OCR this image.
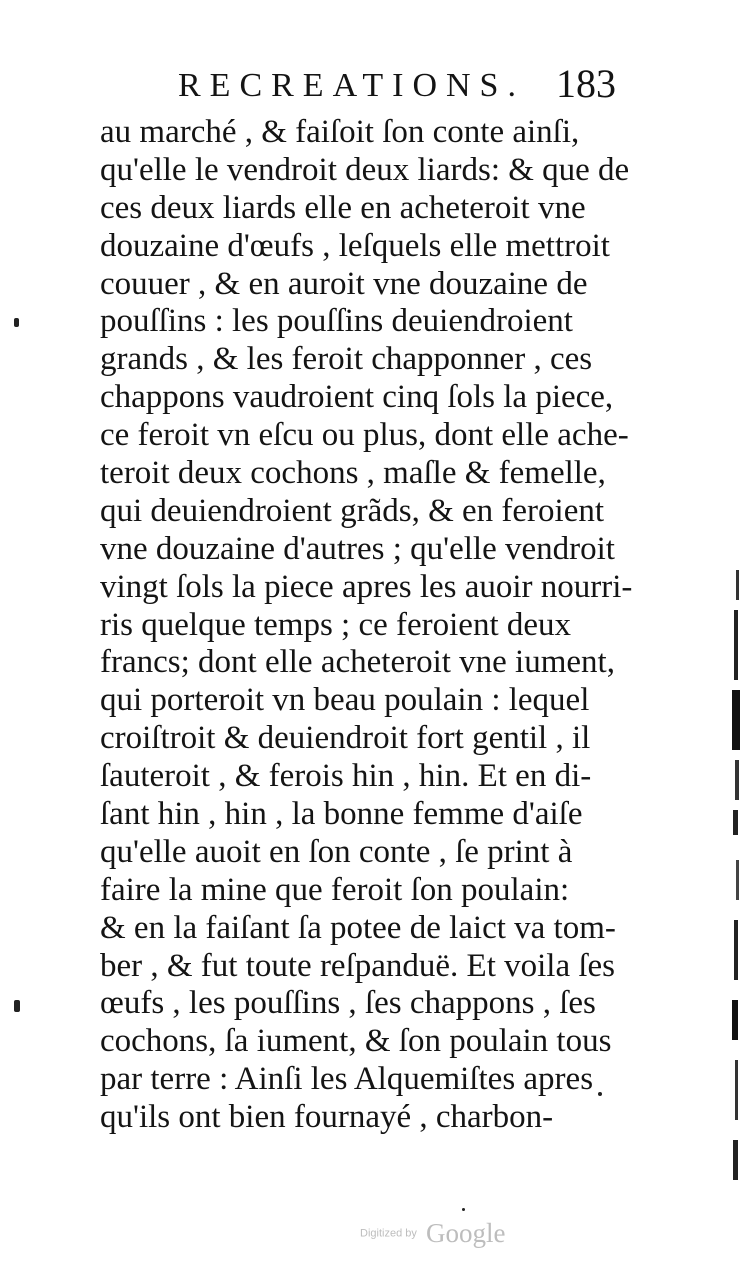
RECREATIONS. 183
au marché , & faiſoit ſon conte ainſi,
qu'elle le vendroit deux liards: & que de
ces deux liards elle en acheteroit vne
douzaine d'œufs , leſquels elle mettroit
couuer , & en auroit vne douzaine de
pouſſins : les pouſſins deuiendroient
grands , & les feroit chapponner , ces
chappons vaudroient cinq ſols la piece,
ce feroit vn eſcu ou plus, dont elle ache-
teroit deux cochons , maſle & femelle,
qui deuiendroient grãds, & en feroient
vne douzaine d'autres ; qu'elle vendroit
vingt ſols la piece apres les auoir nourri-
ris quelque temps ; ce feroient deux
francs; dont elle acheteroit vne iument,
qui porteroit vn beau poulain : lequel
croiſtroit & deuiendroit fort gentil , il
ſauteroit , & ferois hin , hin. Et en di-
ſant hin , hin , la bonne femme d'aiſe
qu'elle auoit en ſon conte , ſe print à
faire la mine que feroit ſon poulain:
& en la faiſant ſa potee de laict va tom-
ber , & fut toute reſpanduë. Et voila ſes
œufs , les pouſſins , ſes chappons , ſes
cochons, ſa iument, & ſon poulain tous
par terre : Ainſi les Alquemiſtes apres
qu'ils ont bien fournayé , charbon-
Digitized by Google
